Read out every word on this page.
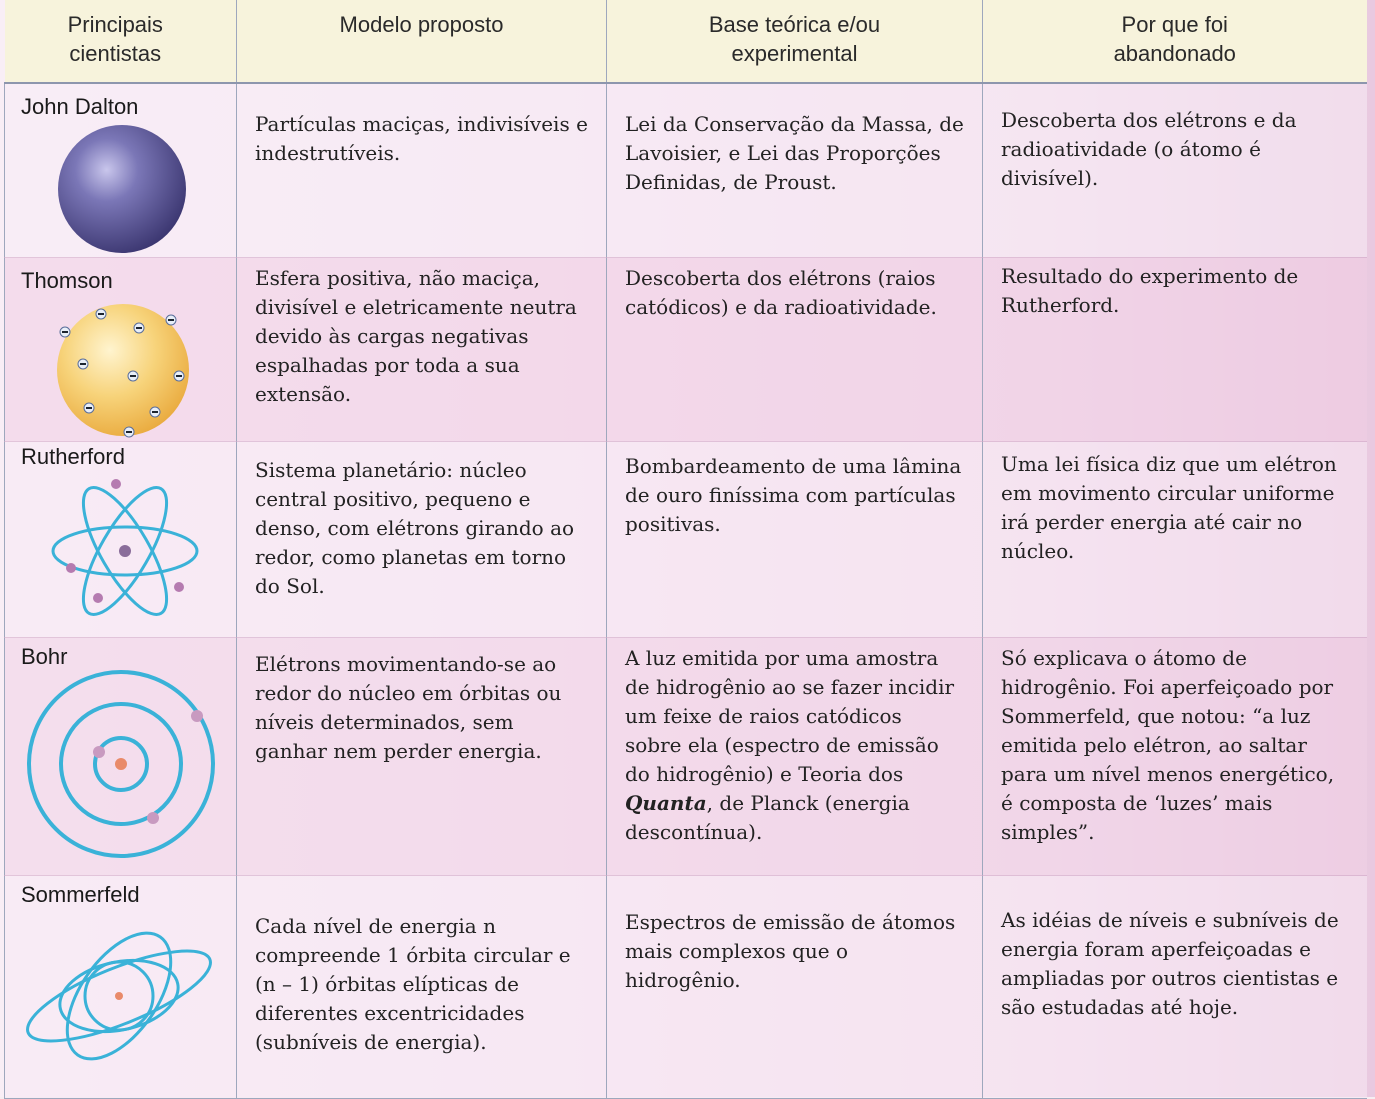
Principais cientistas	Modelo proposto	Base teórica e/ou experimental	Por que foi abandonado

John Dalton	Partículas maciças, indivisíveis e indestrutíveis.	Lei da Conservação da Massa, de Lavoisier, e Lei das Proporções Definidas, de Proust.	Descoberta dos elétrons e da radioatividade (o átomo é divisível).

Thomson	Esfera positiva, não maciça, divisível e eletricamente neutra devido às cargas negativas espalhadas por toda a sua extensão.	Descoberta dos elétrons (raios catódicos) e da radioatividade.	Resultado do experimento de Rutherford.

Rutherford	Sistema planetário: núcleo central positivo, pequeno e denso, com elétrons girando ao redor, como planetas em torno do Sol.	Bombardeamento de uma lâmina de ouro finíssima com partículas positivas.	Uma lei física diz que um elétron em movimento circular uniforme irá perder energia até cair no núcleo.

Bohr	Elétrons movimentando-se ao redor do núcleo em órbitas ou níveis determinados, sem ganhar nem perder energia.	A luz emitida por uma amostra de hidrogênio ao se fazer incidir um feixe de raios catódicos sobre ela (espectro de emissão do hidrogênio) e Teoria dos Quanta, de Planck (energia descontínua).	Só explicava o átomo de hidrogênio. Foi aperfeiçoado por Sommerfeld, que notou: “a luz emitida pelo elétron, ao saltar para um nível menos energético, é composta de ‘luzes’ mais simples”.

Sommerfeld	Cada nível de energia n compreende 1 órbita circular e (n – 1) órbitas elípticas de diferentes excentricidades (subníveis de energia).	Espectros de emissão de átomos mais complexos que o hidrogênio.	As idéias de níveis e subníveis de energia foram aperfeiçoadas e ampliadas por outros cientistas e são estudadas até hoje.
